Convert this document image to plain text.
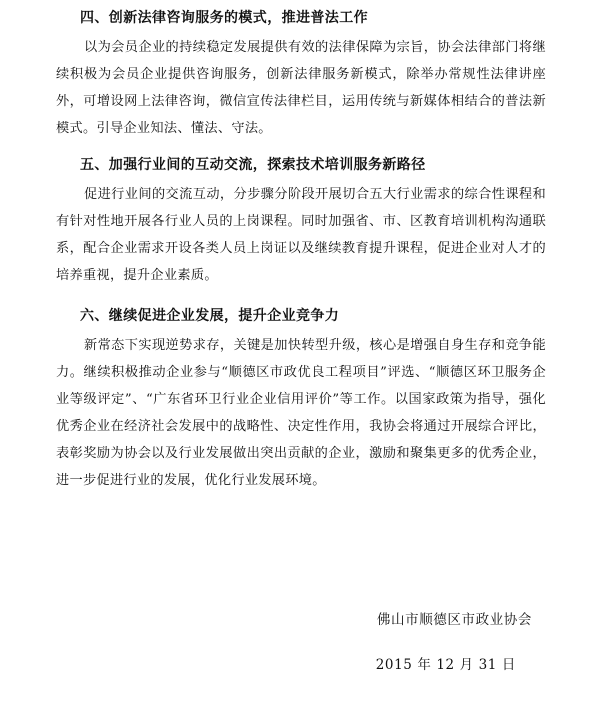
四、创新法律咨询服务的模式，推进普法工作

以为会员企业的持续稳定发展提供有效的法律保障为宗旨，协会法律部门将继续积极为会员企业提供咨询服务，创新法律服务新模式，除举办常规性法律讲座外，可增设网上法律咨询，微信宣传法律栏目，运用传统与新媒体相结合的普法新模式。引导企业知法、懂法、守法。

五、加强行业间的互动交流，探索技术培训服务新路径

促进行业间的交流互动，分步骤分阶段开展切合五大行业需求的综合性课程和有针对性地开展各行业人员的上岗课程。同时加强省、市、区教育培训机构沟通联系，配合企业需求开设各类人员上岗证以及继续教育提升课程，促进企业对人才的培养重视，提升企业素质。

六、继续促进企业发展，提升企业竞争力

新常态下实现逆势求存，关键是加快转型升级，核心是增强自身生存和竞争能力。继续积极推动企业参与“顺德区市政优良工程项目”评选、“顺德区环卫服务企业等级评定”、“广东省环卫行业企业信用评价”等工作。以国家政策为指导，强化优秀企业在经济社会发展中的战略性、决定性作用，我协会将通过开展综合评比，表彰奖励为协会以及行业发展做出突出贡献的企业，激励和聚集更多的优秀企业，进一步促进行业的发展，优化行业发展环境。

佛山市顺德区市政业协会
2015 年 12 月 31 日
